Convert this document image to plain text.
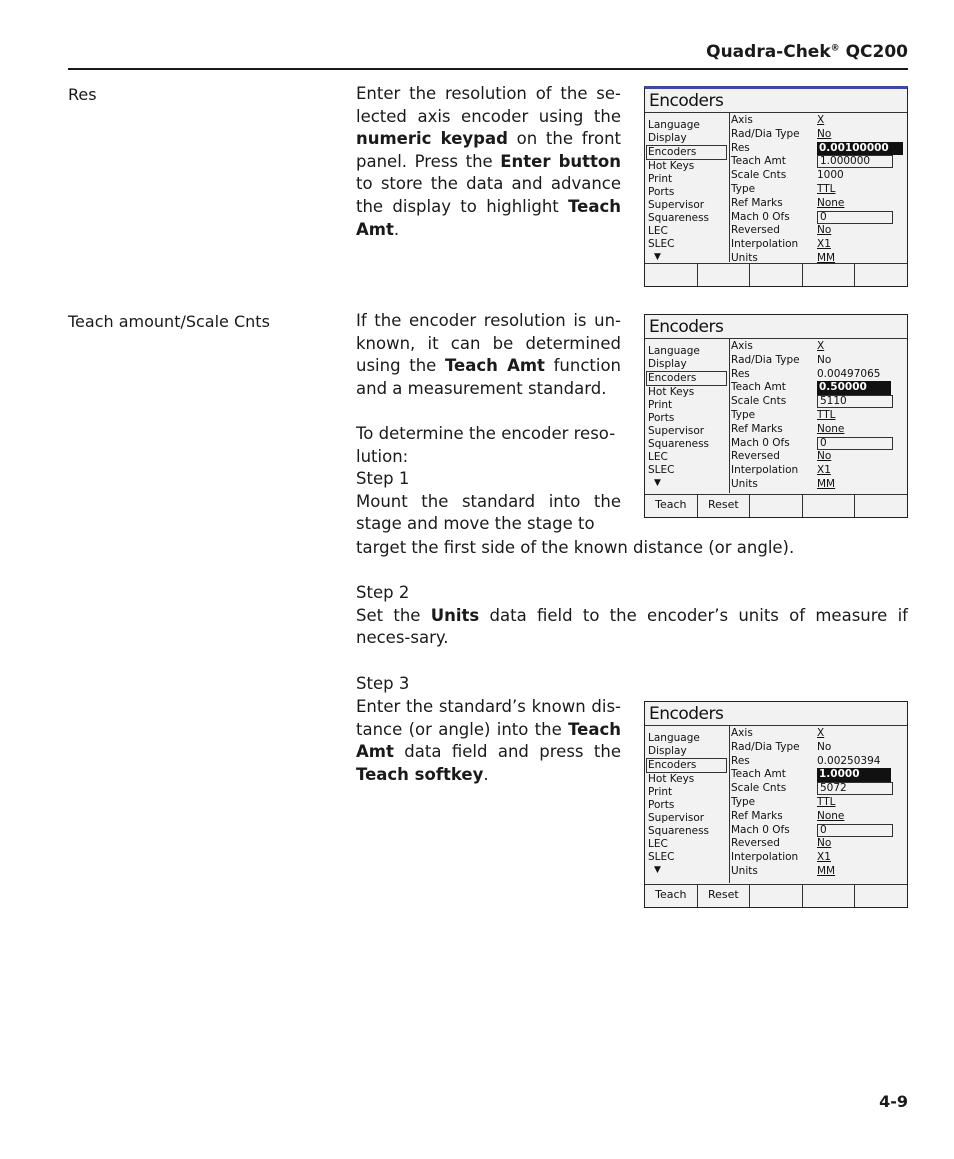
Quadra-Chek® QC200
Res	Enter the resolution of the se-lected axis encoder using the numeric keypad on the front panel. Press the Enter button to store the data and advance the display to highlight Teach Amt.

Teach amount/Scale Cnts	If the encoder resolution is un-known, it can be determined using the Teach Amt function and a measurement standard.

To determine the encoder reso-lution:

Step 1

Mount the standard into the stage and move the stage to

target the first side of the known distance (or angle).

Step 2

Set the Units data field to the encoder’s units of measure if neces-sary.

Step 3

Enter the standard’s known dis-tance (or angle) into the Teach Amt data field and press the Teach softkey.

Encoders
Language
Display
Encoders
Hot Keys
Print
Ports
Supervisor
Squareness
LEC
SLEC
▼
Axis	X
Rad/Dia Type No
Res	0.00100000
Teach Amt	1.000000
Scale Cnts	1000
Type	TTL
Ref Marks	None
Mach 0 Ofs	0
Reversed	No
Interpolation X1
Units	MM
Encoders
Language
Display
Encoders
Hot Keys
Print
Ports
Supervisor
Squareness
LEC
SLEC
▼
Axis	X
Rad/Dia Type No
Res	0.00497065
Teach Amt	0.50000
Scale Cnts	5110
Type	TTL
Ref Marks	None
Mach 0 Ofs	0
Reversed	No
Interpolation X1
Units	MM
Teach	Reset
Encoders
Language
Display
Encoders
Hot Keys
Print
Ports
Supervisor
Squareness
LEC
SLEC
▼
Axis	X
Rad/Dia Type No
Res	0.00250394
Teach Amt	1.0000
Scale Cnts	5072
Type	TTL
Ref Marks	None
Mach 0 Ofs	0
Reversed	No
Interpolation X1
Units	MM
Teach	Reset
4-9
